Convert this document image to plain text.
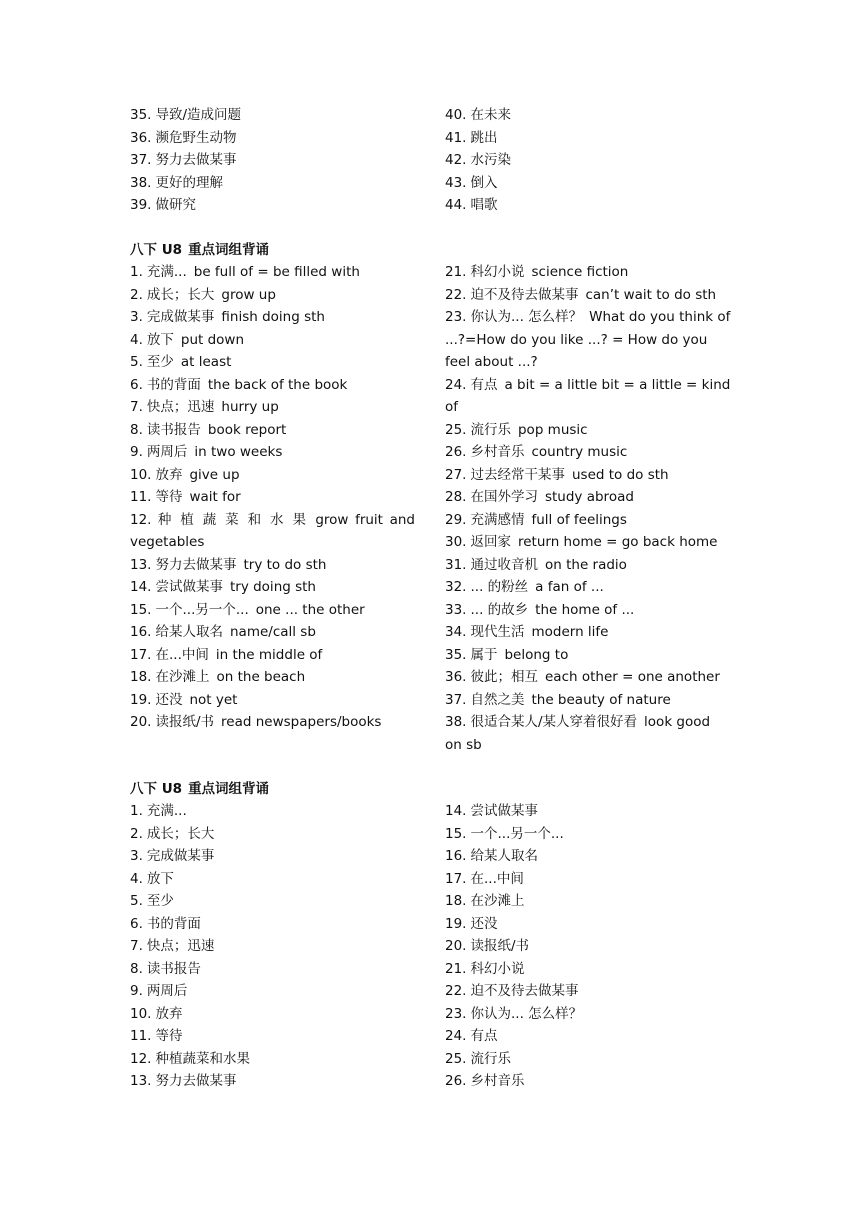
35. 导致/造成问题
36. 濒危野生动物
37. 努力去做某事
38. 更好的理解
39. 做研究
40. 在未来
41. 跳出
42. 水污染
43. 倒入
44. 唱歌
八下 U8 重点词组背诵
1. 充满... be full of = be filled with
2. 成长；长大 grow up
3. 完成做某事 finish doing sth
4. 放下 put down
5. 至少 at least
6. 书的背面 the back of the book
7. 快点；迅速 hurry up
8. 读书报告 book report
9. 两周后 in two weeks
10. 放弃 give up
11. 等待 wait for
12. 种 植 蔬 菜 和 水 果 grow fruit and vegetables
13. 努力去做某事 try to do sth
14. 尝试做某事 try doing sth
15. 一个...另一个... one ... the other
16. 给某人取名 name/call sb
17. 在...中间 in the middle of
18. 在沙滩上 on the beach
19. 还没 not yet
20. 读报纸/书 read newspapers/books
21. 科幻小说 science fiction
22. 迫不及待去做某事 can’t wait to do sth
23. 你认为... 怎么样？ What do you think of ...?=How do you like ...? = How do you feel about ...?
24. 有点 a bit = a little bit = a little = kind of
25. 流行乐 pop music
26. 乡村音乐 country music
27. 过去经常干某事 used to do sth
28. 在国外学习 study abroad
29. 充满感情 full of feelings
30. 返回家 return home = go back home
31. 通过收音机 on the radio
32. ... 的粉丝 a fan of ...
33. ... 的故乡 the home of ...
34. 现代生活 modern life
35. 属于 belong to
36. 彼此；相互 each other = one another
37. 自然之美 the beauty of nature
38. 很适合某人/某人穿着很好看 look good on sb
八下 U8 重点词组背诵
1. 充满...
2. 成长；长大
3. 完成做某事
4. 放下
5. 至少
6. 书的背面
7. 快点；迅速
8. 读书报告
9. 两周后
10. 放弃
11. 等待
12. 种植蔬菜和水果
13. 努力去做某事
14. 尝试做某事
15. 一个...另一个...
16. 给某人取名
17. 在...中间
18. 在沙滩上
19. 还没
20. 读报纸/书
21. 科幻小说
22. 迫不及待去做某事
23. 你认为... 怎么样？
24. 有点
25. 流行乐
26. 乡村音乐
